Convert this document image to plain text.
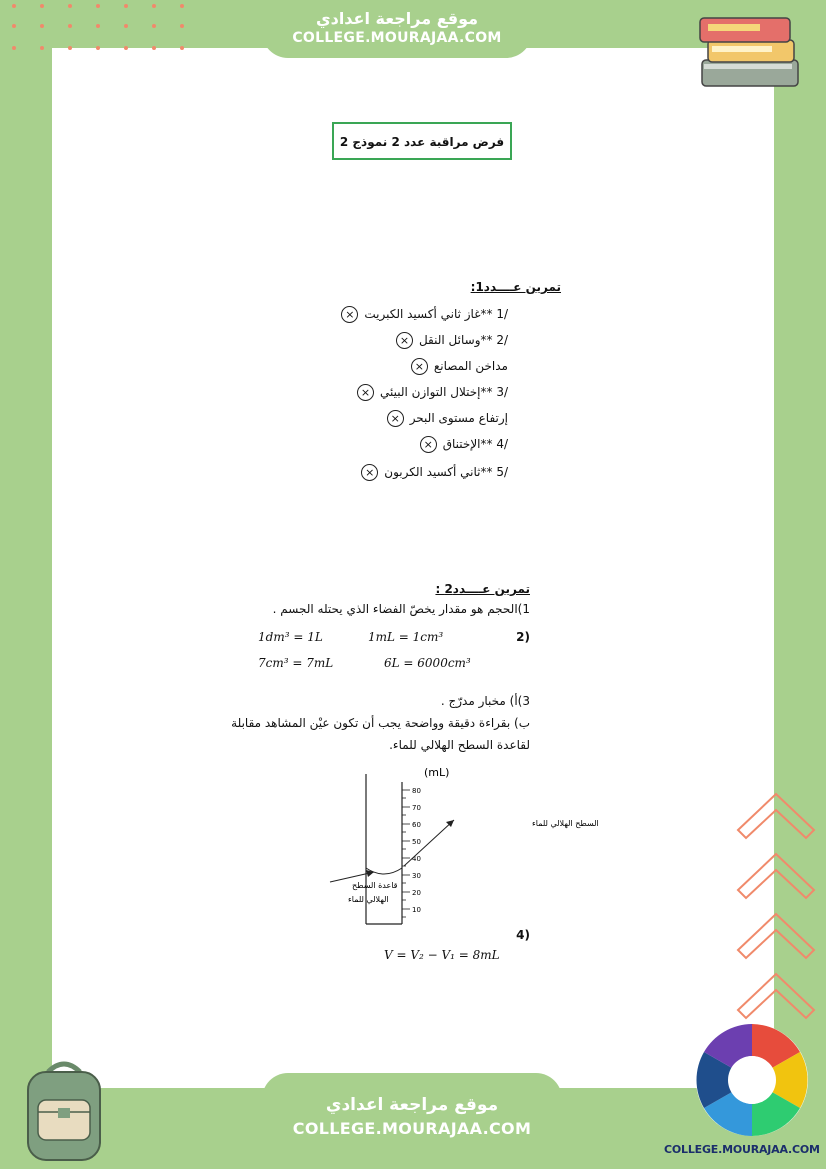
موقع مراجعة اعدادي
COLLEGE.MOURAJAA.COM
فرض مراقبة عدد 2 نموذج 2
تمرين عــــدد1:
/1 **غاز ثاني أكسيد الكبريت×
/2 **وسائل النقل×
مداخن المصانع×
/3 **إختلال التوازن البيئي×
إرتفاع مستوى البحر×
/4 **الإختناق×
/5 **ثاني أكسيد الكربون×
تمرين عــــدد2 :
1)الحجم هو مقدار يخصّ الفضاء الذي يحتله الجسم .
(2
1dm³ = 1L	1mL = 1cm³
7cm³ = 7mL	6L = 6000cm³
3)أ) مخبار مدرّج .
ب) بقراءة دقيقة وواضحة يجب أن تكون عيْن المشاهد مقابلة
لقاعدة السطح الهلالي للماء.
(mL)
80
70
60
50
40
30
20
10
السطح الهلالي للماء
قاعدة السطح
الهلالي للماء
(4
V = V₂ − V₁ = 8mL
COLLEGE.MOURAJAA.COM
موقع مراجعة اعدادي
COLLEGE.MOURAJAA.COM
